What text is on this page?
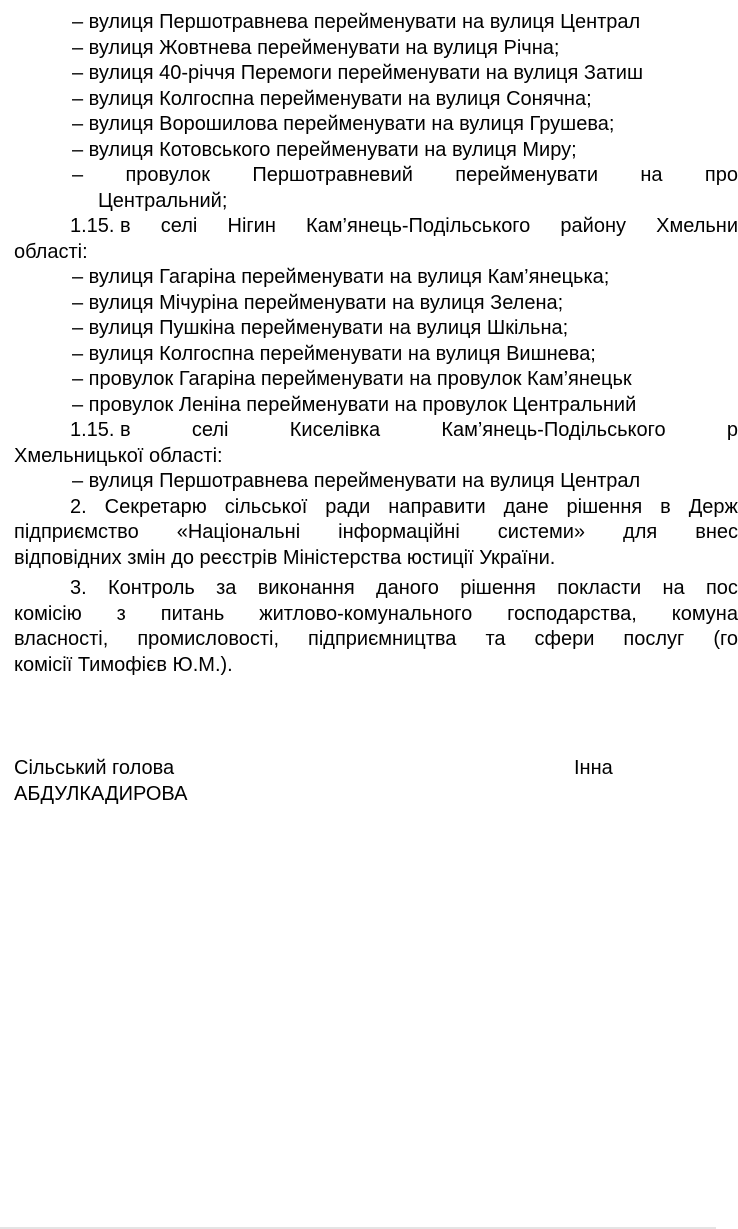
– вулиця Першотравнева перейменувати на вулиця Централ
– вулиця Жовтнева перейменувати на вулиця Річна;
– вулиця 40-річчя Перемоги перейменувати на вулиця Затиш
– вулиця Колгоспна перейменувати на вулиця Сонячна;
– вулиця Ворошилова перейменувати на вулиця Грушева;
– вулиця Котовського перейменувати на вулиця Миру;
– провулок Першотравневий перейменувати на про
Центральний;
1.15. в селі Нігин Кам’янець-Подільського району Хмельни
області:
– вулиця Гагаріна перейменувати на вулиця Кам’янецька;
– вулиця Мічуріна перейменувати на вулиця Зелена;
– вулиця Пушкіна перейменувати на вулиця Шкільна;
– вулиця Колгоспна перейменувати на вулиця Вишнева;
– провулок Гагаріна перейменувати на провулок Кам’янецьк
– провулок Леніна перейменувати на провулок Центральний
1.15. в	селі	Киселівка	Кам’янець-Подільського	р
Хмельницької області:
– вулиця Першотравнева перейменувати на вулиця Централ
2. Секретарю сільської ради направити дане рішення в Держ
підприємство «Національні інформаційні системи» для внес
відповідних змін до реєстрів Міністерства юстиції України.
3. Контроль за виконання даного рішення покласти на пос
комісію з питань житлово-комунального господарства, комуна
власності, промисловості, підприємництва та сфери послуг (го
комісії Тимофієв Ю.М.).
Сільський голова	Інна
АБДУЛКАДИРОВА
